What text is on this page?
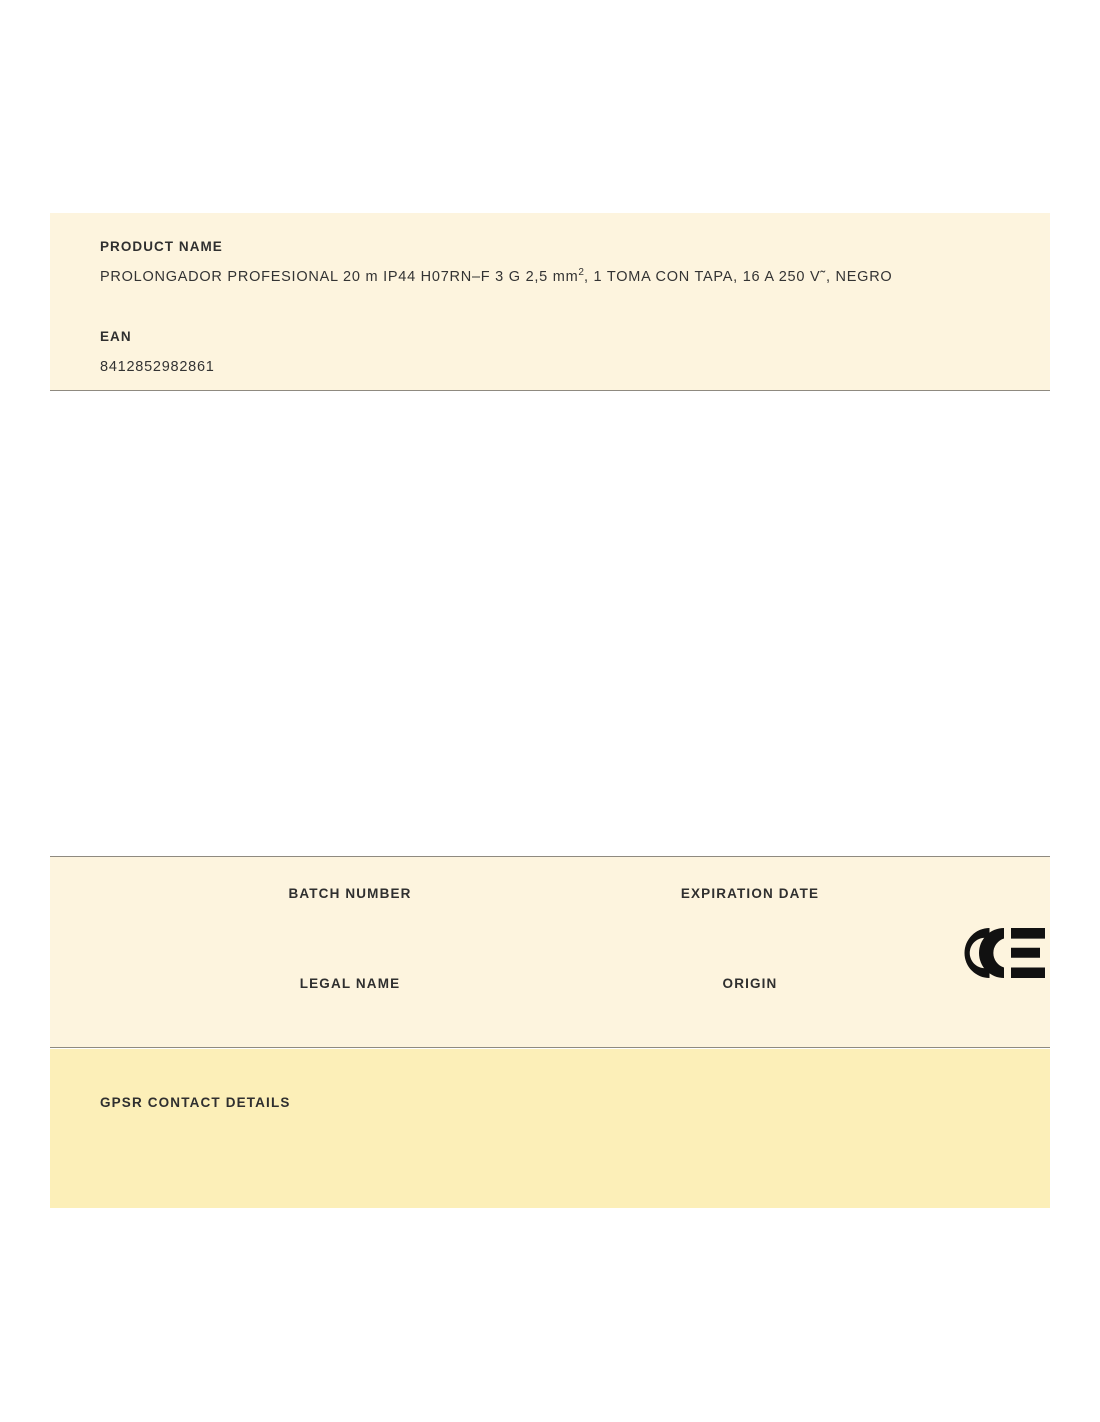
PRODUCT NAME
PROLONGADOR PROFESIONAL 20 m IP44 H07RN–F 3 G 2,5 $mm^2$, 1 TOMA CON TAPA, 16 A 250 V˜, NEGRO
EAN
8412852982861
BATCH NUMBER	EXPIRATION DATE
LEGAL NAME	ORIGIN
GPSR CONTACT DETAILS
